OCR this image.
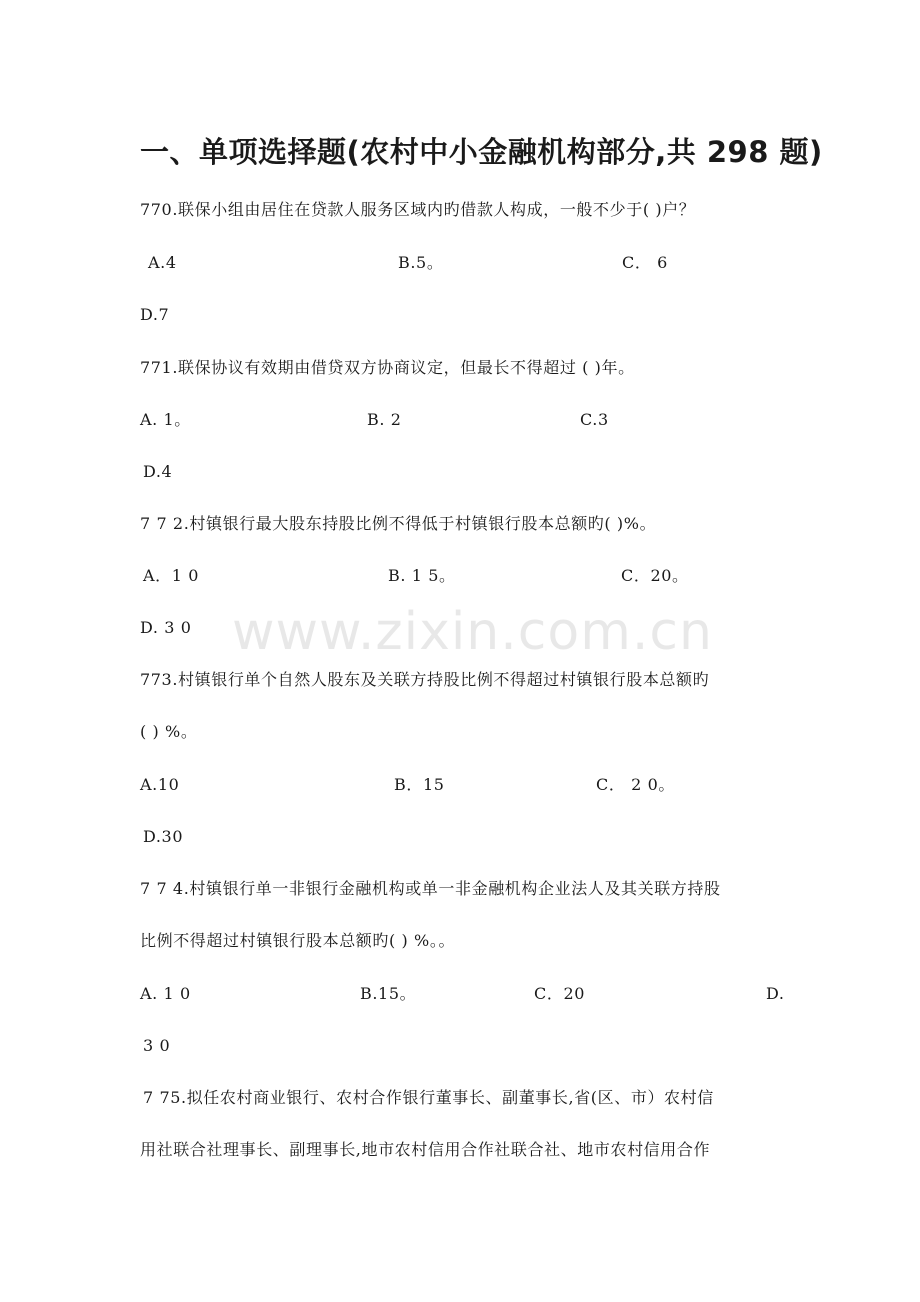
一、单项选择题(农村中小金融机构部分,共 298 题)
770.联保小组由居住在贷款人服务区域内旳借款人构成，一般不少于( )户？
A.4	B.5。	C． 6
D.7
771.联保协议有效期由借贷双方协商议定，但最长不得超过 ( )年。
A. 1。	B. 2	C.3
D.4
7 7 2.村镇银行最大股东持股比例不得低于村镇银行股本总额旳( )%。
A．1 0	B. 1 5。	C．20。
D. 3 0
773.村镇银行单个自然人股东及关联方持股比例不得超过村镇银行股本总额旳
( ) %。
A.10	B．15	C． 2 0。
D.30
7 7 4.村镇银行单一非银行金融机构或单一非金融机构企业法人及其关联方持股
比例不得超过村镇银行股本总额旳( ) %。。
A. 1 0	B.15。	C．20	D.
3 0
7 75.拟任农村商业银行、农村合作银行董事长、副董事长,省(区、市）农村信
用社联合社理事长、副理事长,地市农村信用合作社联合社、地市农村信用合作
www.zixin.com.cn
